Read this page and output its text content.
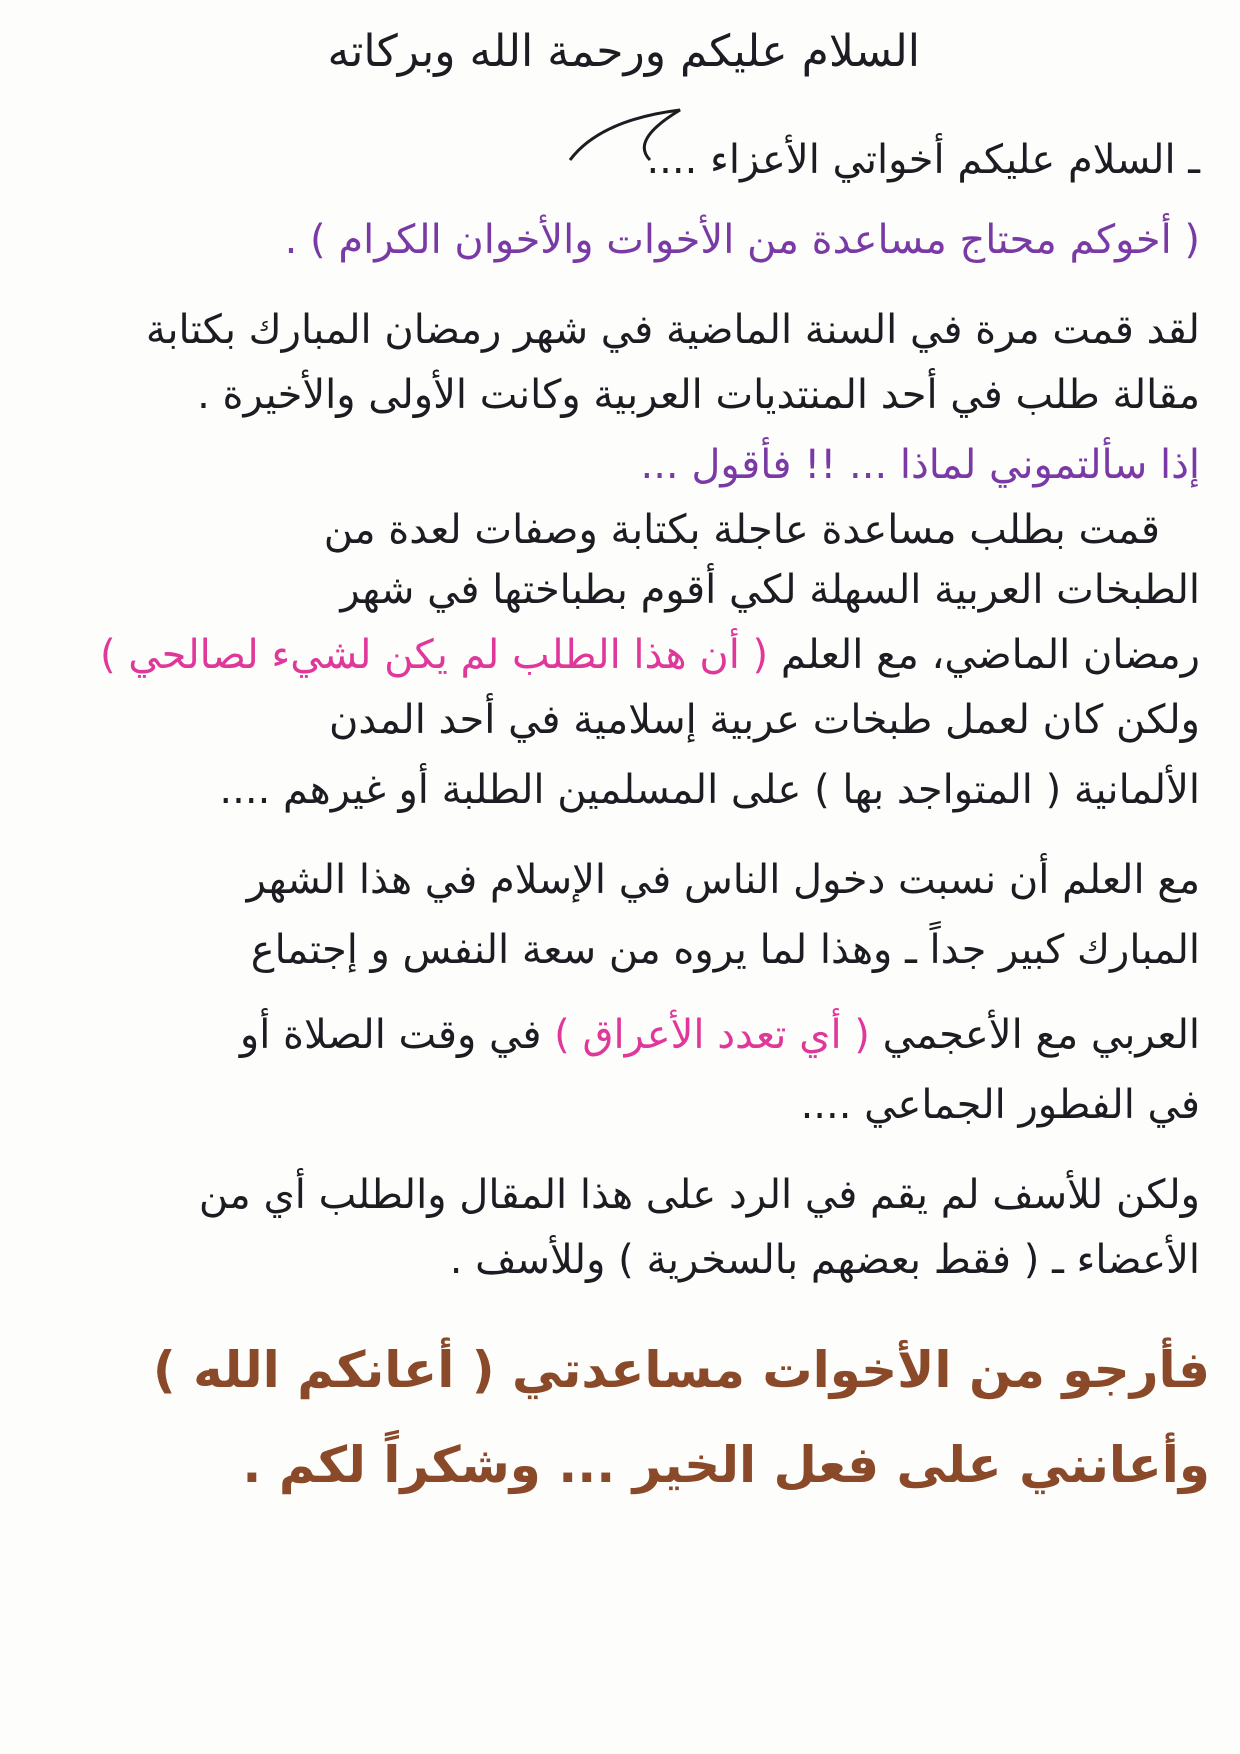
السلام عليكم ورحمة الله وبركاته
ـ السلام عليكم أخواتي الأعزاء ....
( أخوكم محتاج مساعدة من الأخوات والأخوان الكرام ) .
لقد قمت مرة في السنة الماضية في شهر رمضان المبارك بكتابة
مقالة طلب في أحد المنتديات العربية وكانت الأولى والأخيرة .
إذا سألتموني لماذا ... !! فأقول ...
قمت بطلب مساعدة عاجلة بكتابة وصفات لعدة من
الطبخات العربية السهلة لكي أقوم بطباختها في شهر
رمضان الماضي، مع العلم ( أن هذا الطلب لم يكن لشيء لصالحي )
ولكن كان لعمل طبخات عربية إسلامية في أحد المدن
الألمانية ( المتواجد بها ) على المسلمين الطلبة أو غيرهم ....
مع العلم أن نسبت دخول الناس في الإسلام في هذا الشهر
المبارك كبير جداً ـ وهذا لما يروه من سعة النفس و إجتماع
العربي مع الأعجمي ( أي تعدد الأعراق ) في وقت الصلاة أو
في الفطور الجماعي ....
ولكن للأسف لم يقم في الرد على هذا المقال والطلب أي من
الأعضاء ـ ( فقط بعضهم بالسخرية ) وللأسف .
فأرجو من الأخوات مساعدتي ( أعانكم الله )
وأعانني على فعل الخير ... وشكراً لكم .
